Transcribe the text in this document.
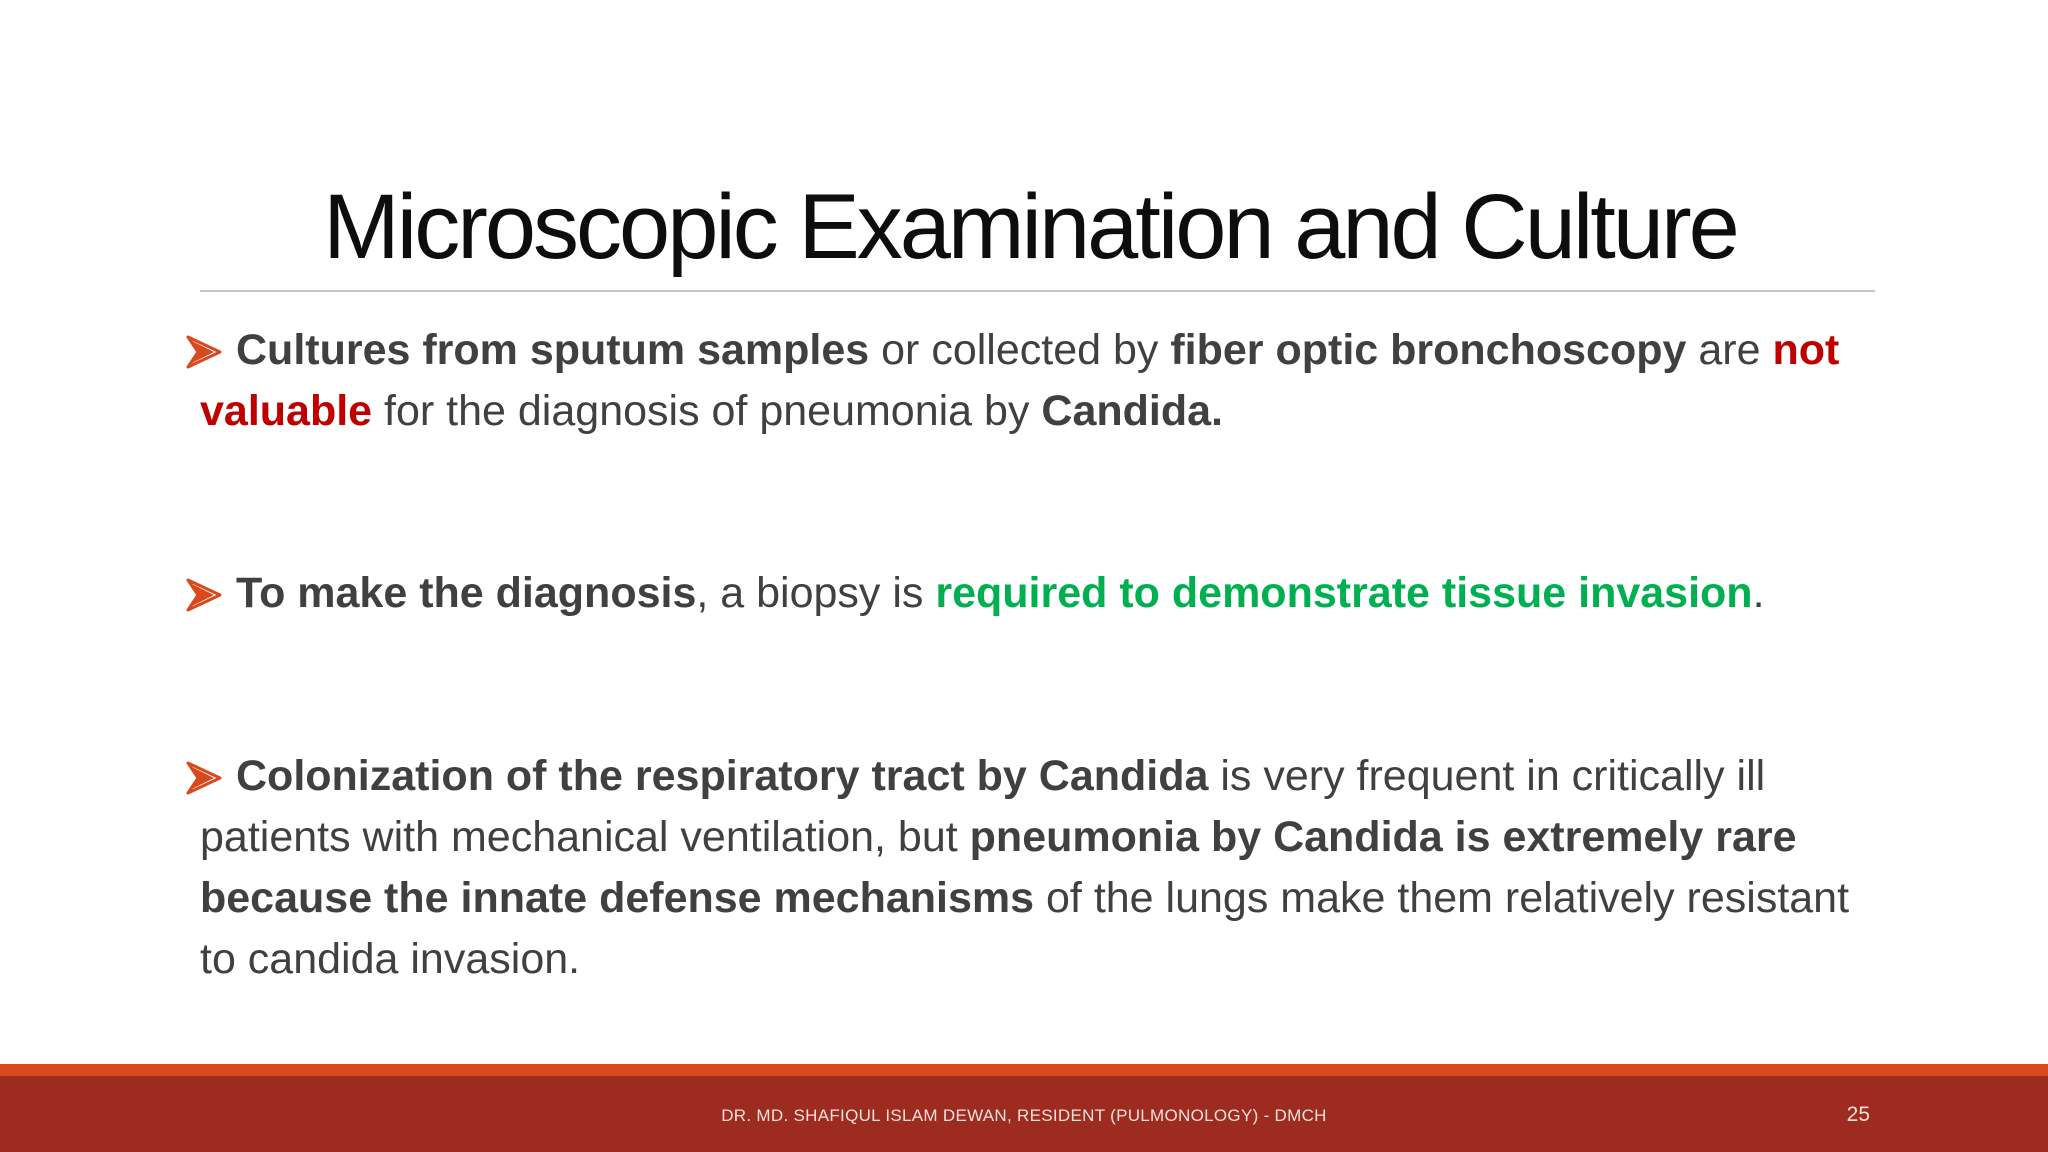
Microscopic Examination and Culture
Cultures from sputum samples or collected by fiber optic bronchoscopy are not valuable for the diagnosis of pneumonia by Candida.
To make the diagnosis, a biopsy is required to demonstrate tissue invasion.
Colonization of the respiratory tract by Candida is very frequent in critically ill patients with mechanical ventilation, but pneumonia by Candida is extremely rare because the innate defense mechanisms of the lungs make them relatively resistant to candida invasion.
DR. MD. SHAFIQUL ISLAM DEWAN, RESIDENT (PULMONOLOGY) - DMCH	25
